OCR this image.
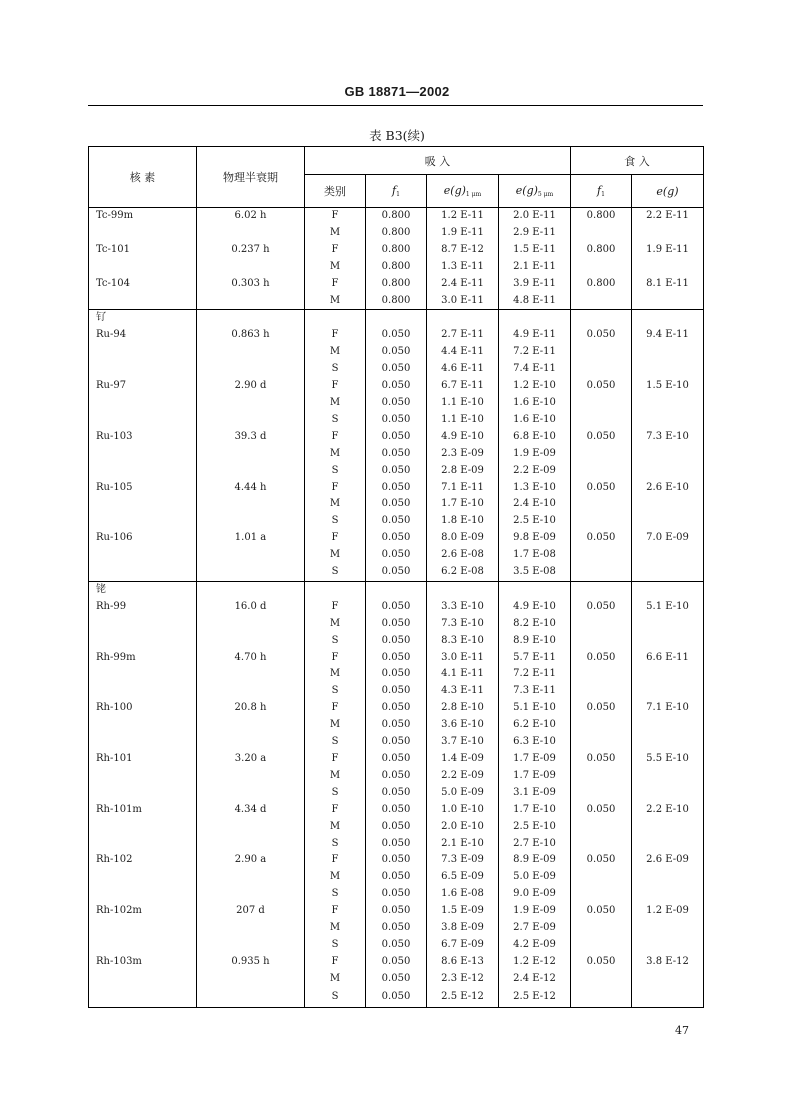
GB 18871—2002
表 B3(续)
核 素	物理半衰期	吸 入				食 入	
		类别	$f_1$	$e(g)_{1 \mu m}$	$e(g)_{5 \mu m}$	$f_1$	e(g)
Tc-99m	6.02 h	F	0.800	1.2 E-11	2.0 E-11	0.800	2.2 E-11
		M	0.800	1.9 E-11	2.9 E-11		
Tc-101	0.237 h	F	0.800	8.7 E-12	1.5 E-11	0.800	1.9 E-11
		M	0.800	1.3 E-11	2.1 E-11		
Tc-104	0.303 h	F	0.800	2.4 E-11	3.9 E-11	0.800	8.1 E-11
		M	0.800	3.0 E-11	4.8 E-11		
钌							
Ru-94	0.863 h	F	0.050	2.7 E-11	4.9 E-11	0.050	9.4 E-11
		M	0.050	4.4 E-11	7.2 E-11		
		S	0.050	4.6 E-11	7.4 E-11		
Ru-97	2.90 d	F	0.050	6.7 E-11	1.2 E-10	0.050	1.5 E-10
		M	0.050	1.1 E-10	1.6 E-10		
		S	0.050	1.1 E-10	1.6 E-10		
Ru-103	39.3 d	F	0.050	4.9 E-10	6.8 E-10	0.050	7.3 E-10
		M	0.050	2.3 E-09	1.9 E-09		
		S	0.050	2.8 E-09	2.2 E-09		
Ru-105	4.44 h	F	0.050	7.1 E-11	1.3 E-10	0.050	2.6 E-10
		M	0.050	1.7 E-10	2.4 E-10		
		S	0.050	1.8 E-10	2.5 E-10		
Ru-106	1.01 a	F	0.050	8.0 E-09	9.8 E-09	0.050	7.0 E-09
		M	0.050	2.6 E-08	1.7 E-08		
		S	0.050	6.2 E-08	3.5 E-08		
铑							
Rh-99	16.0 d	F	0.050	3.3 E-10	4.9 E-10	0.050	5.1 E-10
		M	0.050	7.3 E-10	8.2 E-10		
		S	0.050	8.3 E-10	8.9 E-10		
Rh-99m	4.70 h	F	0.050	3.0 E-11	5.7 E-11	0.050	6.6 E-11
		M	0.050	4.1 E-11	7.2 E-11		
		S	0.050	4.3 E-11	7.3 E-11		
Rh-100	20.8 h	F	0.050	2.8 E-10	5.1 E-10	0.050	7.1 E-10
		M	0.050	3.6 E-10	6.2 E-10		
		S	0.050	3.7 E-10	6.3 E-10		
Rh-101	3.20 a	F	0.050	1.4 E-09	1.7 E-09	0.050	5.5 E-10
		M	0.050	2.2 E-09	1.7 E-09		
		S	0.050	5.0 E-09	3.1 E-09		
Rh-101m	4.34 d	F	0.050	1.0 E-10	1.7 E-10	0.050	2.2 E-10
		M	0.050	2.0 E-10	2.5 E-10		
		S	0.050	2.1 E-10	2.7 E-10		
Rh-102	2.90 a	F	0.050	7.3 E-09	8.9 E-09	0.050	2.6 E-09
		M	0.050	6.5 E-09	5.0 E-09		
		S	0.050	1.6 E-08	9.0 E-09		
Rh-102m	207 d	F	0.050	1.5 E-09	1.9 E-09	0.050	1.2 E-09
		M	0.050	3.8 E-09	2.7 E-09		
		S	0.050	6.7 E-09	4.2 E-09		
Rh-103m	0.935 h	F	0.050	8.6 E-13	1.2 E-12	0.050	3.8 E-12
		M	0.050	2.3 E-12	2.4 E-12		
		S	0.050	2.5 E-12	2.5 E-12		
47
